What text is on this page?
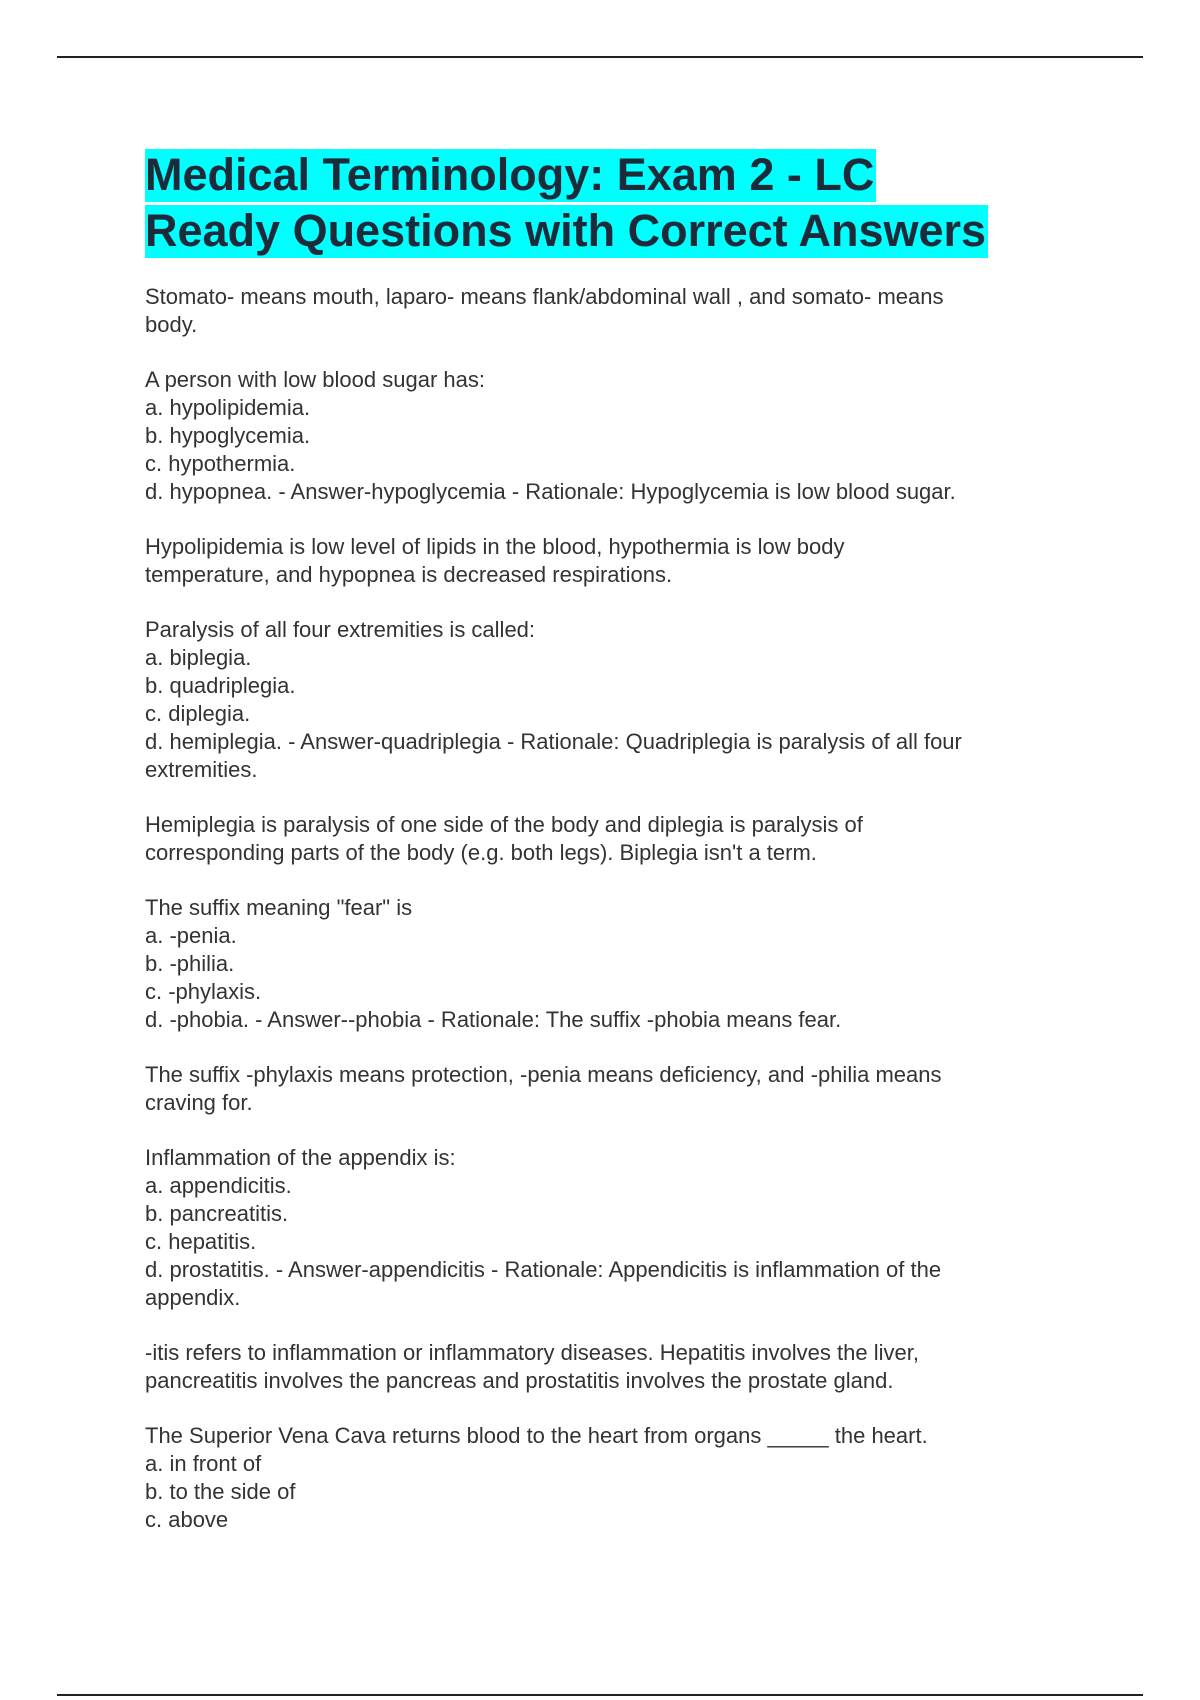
Medical Terminology: Exam 2 - LC
Ready Questions with Correct Answers
Stomato- means mouth, laparo- means flank/abdominal wall , and somato- means
body.
A person with low blood sugar has:
a. hypolipidemia.
b. hypoglycemia.
c. hypothermia.
d. hypopnea. - Answer-hypoglycemia - Rationale: Hypoglycemia is low blood sugar.
Hypolipidemia is low level of lipids in the blood, hypothermia is low body
temperature, and hypopnea is decreased respirations.
Paralysis of all four extremities is called:
a. biplegia.
b. quadriplegia.
c. diplegia.
d. hemiplegia. - Answer-quadriplegia - Rationale: Quadriplegia is paralysis of all four
extremities.
Hemiplegia is paralysis of one side of the body and diplegia is paralysis of
corresponding parts of the body (e.g. both legs). Biplegia isn't a term.
The suffix meaning "fear" is
a. -penia.
b. -philia.
c. -phylaxis.
d. -phobia. - Answer--phobia - Rationale: The suffix -phobia means fear.
The suffix -phylaxis means protection, -penia means deficiency, and -philia means
craving for.
Inflammation of the appendix is:
a. appendicitis.
b. pancreatitis.
c. hepatitis.
d. prostatitis. - Answer-appendicitis - Rationale: Appendicitis is inflammation of the
appendix.
-itis refers to inflammation or inflammatory diseases. Hepatitis involves the liver,
pancreatitis involves the pancreas and prostatitis involves the prostate gland.
The Superior Vena Cava returns blood to the heart from organs _____ the heart.
a. in front of
b. to the side of
c. above
